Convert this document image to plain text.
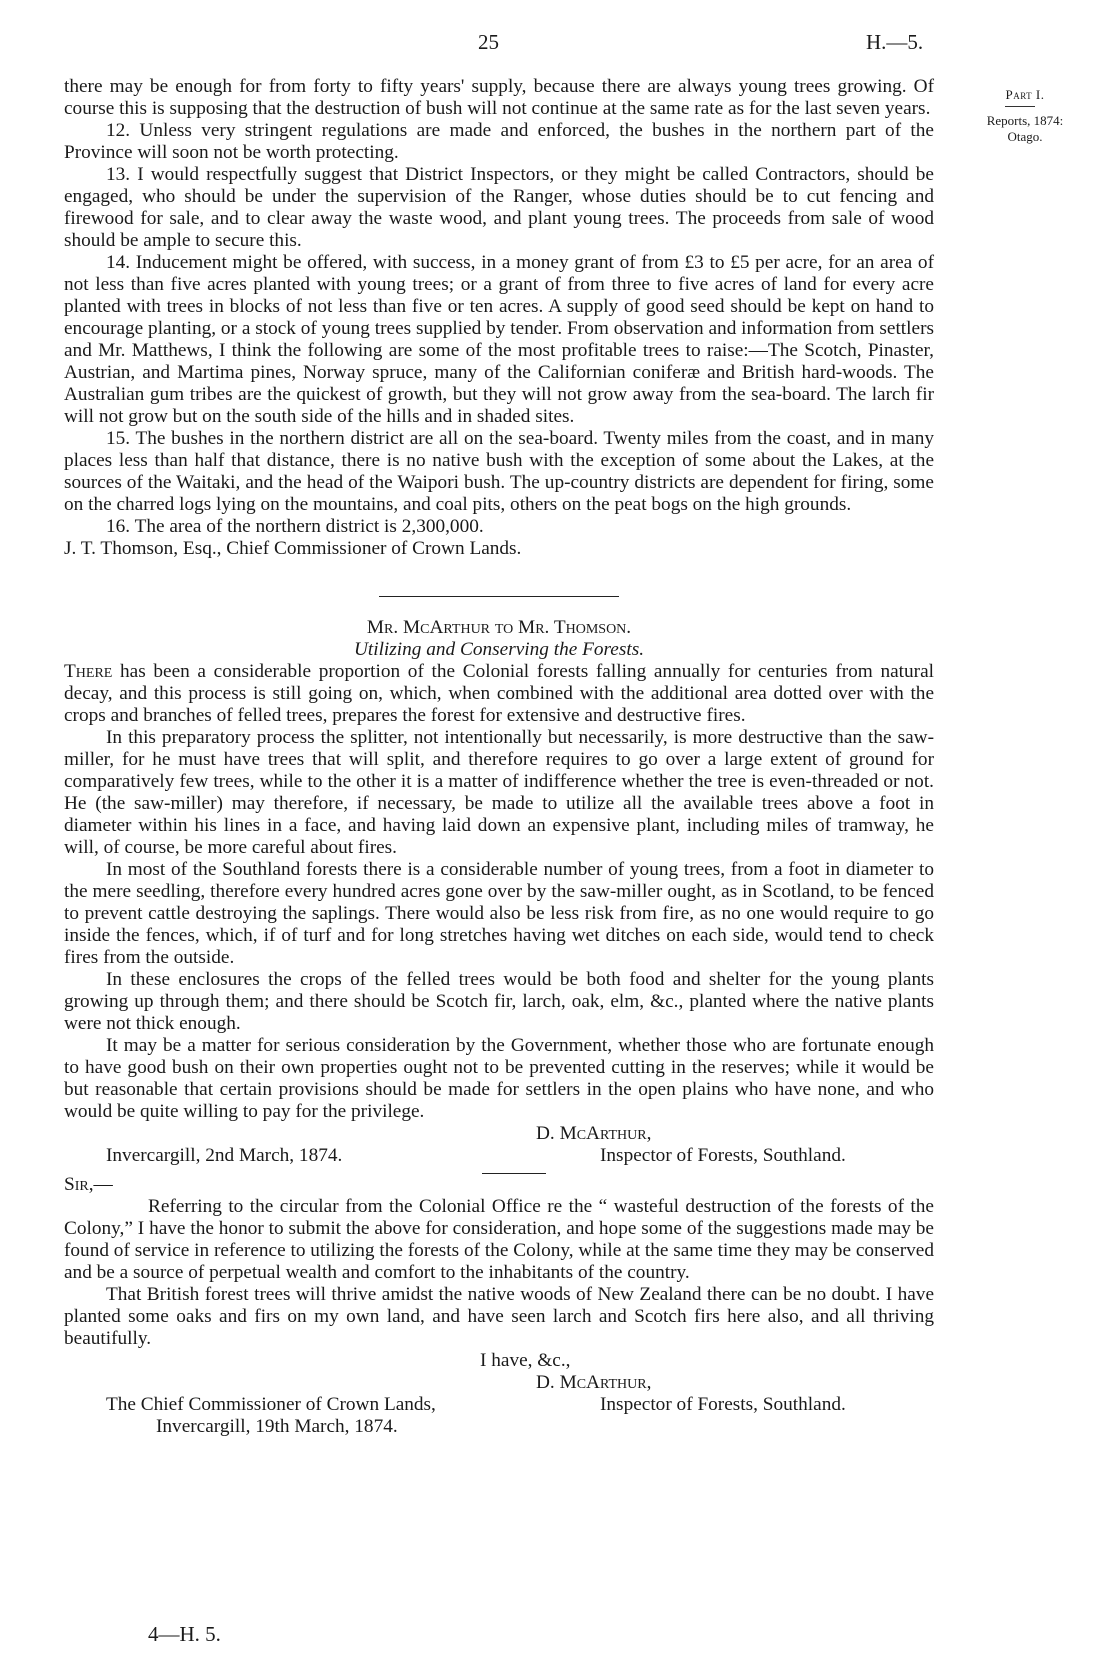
25	H.—5.
Part I.
Reports, 1874:
Otago.

there may be enough for from forty to fifty years' supply, because there are always young trees growing. Of course this is supposing that the destruction of bush will not continue at the same rate as for the last seven years.

12. Unless very stringent regulations are made and enforced, the bushes in the northern part of the Province will soon not be worth protecting.

13. I would respectfully suggest that District Inspectors, or they might be called Contractors, should be engaged, who should be under the supervision of the Ranger, whose duties should be to cut fencing and firewood for sale, and to clear away the waste wood, and plant young trees. The proceeds from sale of wood should be ample to secure this.

14. Inducement might be offered, with success, in a money grant of from £3 to £5 per acre, for an area of not less than five acres planted with young trees; or a grant of from three to five acres of land for every acre planted with trees in blocks of not less than five or ten acres. A supply of good seed should be kept on hand to encourage planting, or a stock of young trees supplied by tender. From observation and information from settlers and Mr. Matthews, I think the following are some of the most profitable trees to raise:—The Scotch, Pinaster, Austrian, and Martima pines, Norway spruce, many of the Californian coniferæ and British hard-woods. The Australian gum tribes are the quickest of growth, but they will not grow away from the sea-board. The larch fir will not grow but on the south side of the hills and in shaded sites.

15. The bushes in the northern district are all on the sea-board. Twenty miles from the coast, and in many places less than half that distance, there is no native bush with the exception of some about the Lakes, at the sources of the Waitaki, and the head of the Waipori bush. The up-country districts are dependent for firing, some on the charred logs lying on the mountains, and coal pits, others on the peat bogs on the high grounds.

16. The area of the northern district is 2,300,000.

J. T. Thomson, Esq., Chief Commissioner of Crown Lands.

Mr. McArthur to Mr. Thomson.

Utilizing and Conserving the Forests.

There has been a considerable proportion of the Colonial forests falling annually for centuries from natural decay, and this process is still going on, which, when combined with the additional area dotted over with the crops and branches of felled trees, prepares the forest for extensive and destructive fires.

In this preparatory process the splitter, not intentionally but necessarily, is more destructive than the saw-miller, for he must have trees that will split, and therefore requires to go over a large extent of ground for comparatively few trees, while to the other it is a matter of indifference whether the tree is even-threaded or not. He (the saw-miller) may therefore, if necessary, be made to utilize all the available trees above a foot in diameter within his lines in a face, and having laid down an expensive plant, including miles of tramway, he will, of course, be more careful about fires.

In most of the Southland forests there is a considerable number of young trees, from a foot in diameter to the mere seedling, therefore every hundred acres gone over by the saw-miller ought, as in Scotland, to be fenced to prevent cattle destroying the saplings. There would also be less risk from fire, as no one would require to go inside the fences, which, if of turf and for long stretches having wet ditches on each side, would tend to check fires from the outside.

In these enclosures the crops of the felled trees would be both food and shelter for the young plants growing up through them; and there should be Scotch fir, larch, oak, elm, &c., planted where the native plants were not thick enough.

It may be a matter for serious consideration by the Government, whether those who are fortunate enough to have good bush on their own properties ought not to be prevented cutting in the reserves; while it would be but reasonable that certain provisions should be made for settlers in the open plains who have none, and who would be quite willing to pay for the privilege.

D. McArthur,

Invercargill, 2nd March, 1874.	Inspector of Forests, Southland.

Sir,—

Referring to the circular from the Colonial Office re the “ wasteful destruction of the forests of the Colony,” I have the honor to submit the above for consideration, and hope some of the suggestions made may be found of service in reference to utilizing the forests of the Colony, while at the same time they may be conserved and be a source of perpetual wealth and comfort to the inhabitants of the country.

That British forest trees will thrive amidst the native woods of New Zealand there can be no doubt. I have planted some oaks and firs on my own land, and have seen larch and Scotch firs here also, and all thriving beautifully.

I have, &c.,

D. McArthur,

The Chief Commissioner of Crown Lands,	Inspector of Forests, Southland.

Invercargill, 19th March, 1874.

4—H. 5.
